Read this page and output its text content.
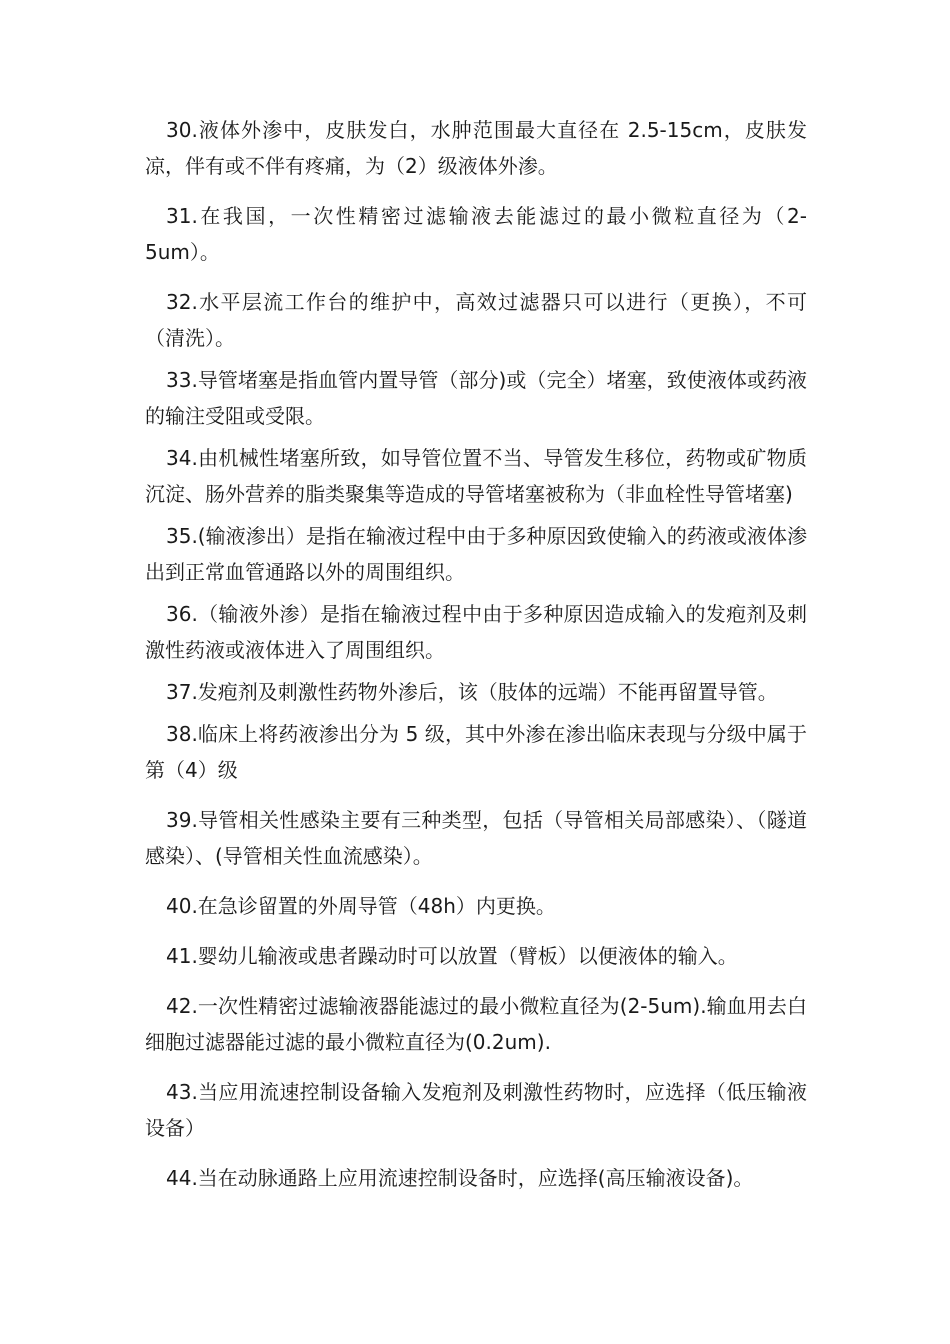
30.液体外渗中，皮肤发白，水肿范围最大直径在 2.5-15cm，皮肤发凉，伴有或不伴有疼痛，为（2）级液体外渗。

31.在我国，一次性精密过滤输液去能滤过的最小微粒直径为（2-5um）。

32.水平层流工作台的维护中，高效过滤器只可以进行（更换），不可（清洗）。

33.导管堵塞是指血管内置导管（部分)或（完全）堵塞，致使液体或药液的输注受阻或受限。

34.由机械性堵塞所致，如导管位置不当、导管发生移位，药物或矿物质沉淀、肠外营养的脂类聚集等造成的导管堵塞被称为（非血栓性导管堵塞)

35.(输液渗出）是指在输液过程中由于多种原因致使输入的药液或液体渗出到正常血管通路以外的周围组织。

36.（输液外渗）是指在输液过程中由于多种原因造成输入的发疱剂及刺激性药液或液体进入了周围组织。

37.发疱剂及刺激性药物外渗后，该（肢体的远端）不能再留置导管。

38.临床上将药液渗出分为 5 级，其中外渗在渗出临床表现与分级中属于第（4）级

39.导管相关性感染主要有三种类型，包括（导管相关局部感染）、（隧道感染）、(导管相关性血流感染）。

40.在急诊留置的外周导管（48h）内更换。

41.婴幼儿输液或患者躁动时可以放置（臂板）以便液体的输入。

42.一次性精密过滤输液器能滤过的最小微粒直径为(2-5um).输血用去白细胞过滤器能过滤的最小微粒直径为(0.2um).

43.当应用流速控制设备输入发疱剂及刺激性药物时，应选择（低压输液设备）

44.当在动脉通路上应用流速控制设备时，应选择(高压输液设备)。
